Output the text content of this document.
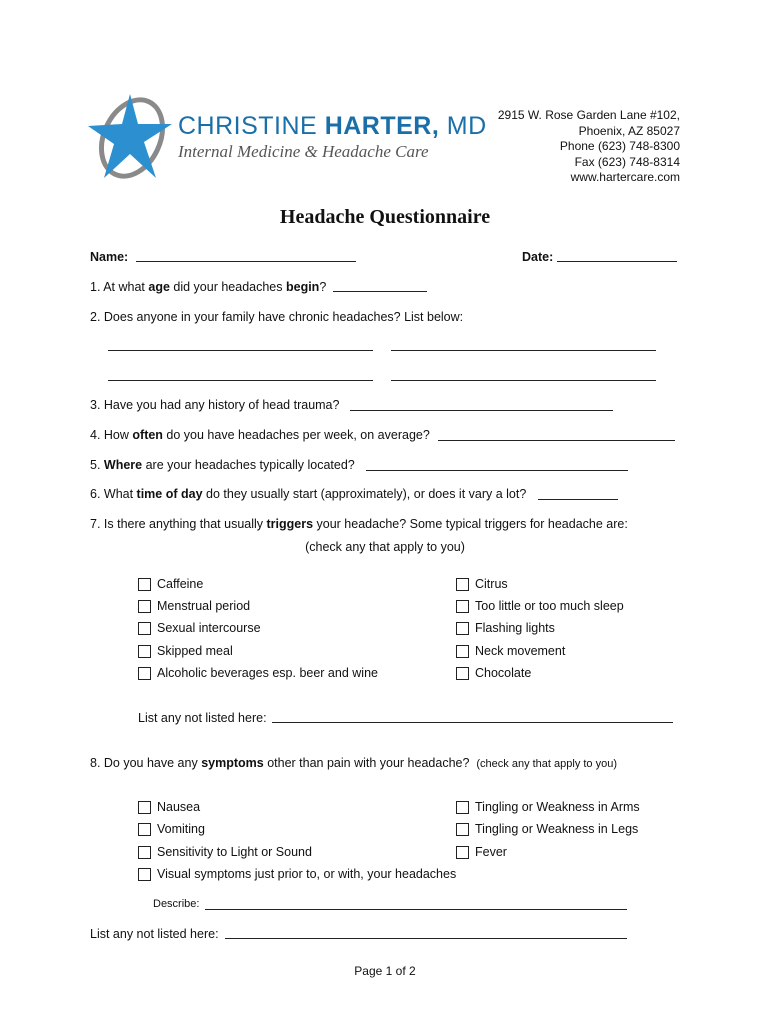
CHRISTINE HARTER, MD
Internal Medicine & Headache Care
2915 W. Rose Garden Lane #102,
Phoenix, AZ 85027
Phone (623) 748-8300
Fax (623) 748-8314
www.hartercare.com
Headache Questionnaire
Name:	Date:
1. At what age did your headaches begin?
2. Does anyone in your family have chronic headaches? List below:
3. Have you had any history of head trauma?
4. How often do you have headaches per week, on average?
5. Where are your headaches typically located?
6. What time of day do they usually start (approximately), or does it vary a lot?
7. Is there anything that usually triggers your headache? Some typical triggers for headache are:
(check any that apply to you)
Caffeine
Menstrual period
Sexual intercourse
Skipped meal
Alcoholic beverages esp. beer and wine
Citrus
Too little or too much sleep
Flashing lights
Neck movement
Chocolate
List any not listed here:
8. Do you have any symptoms other than pain with your headache? (check any that apply to you)
Nausea
Vomiting
Sensitivity to Light or Sound
Visual symptoms just prior to, or with, your headaches
Tingling or Weakness in Arms
Tingling or Weakness in Legs
Fever
Describe:
List any not listed here:
Page 1 of 2
